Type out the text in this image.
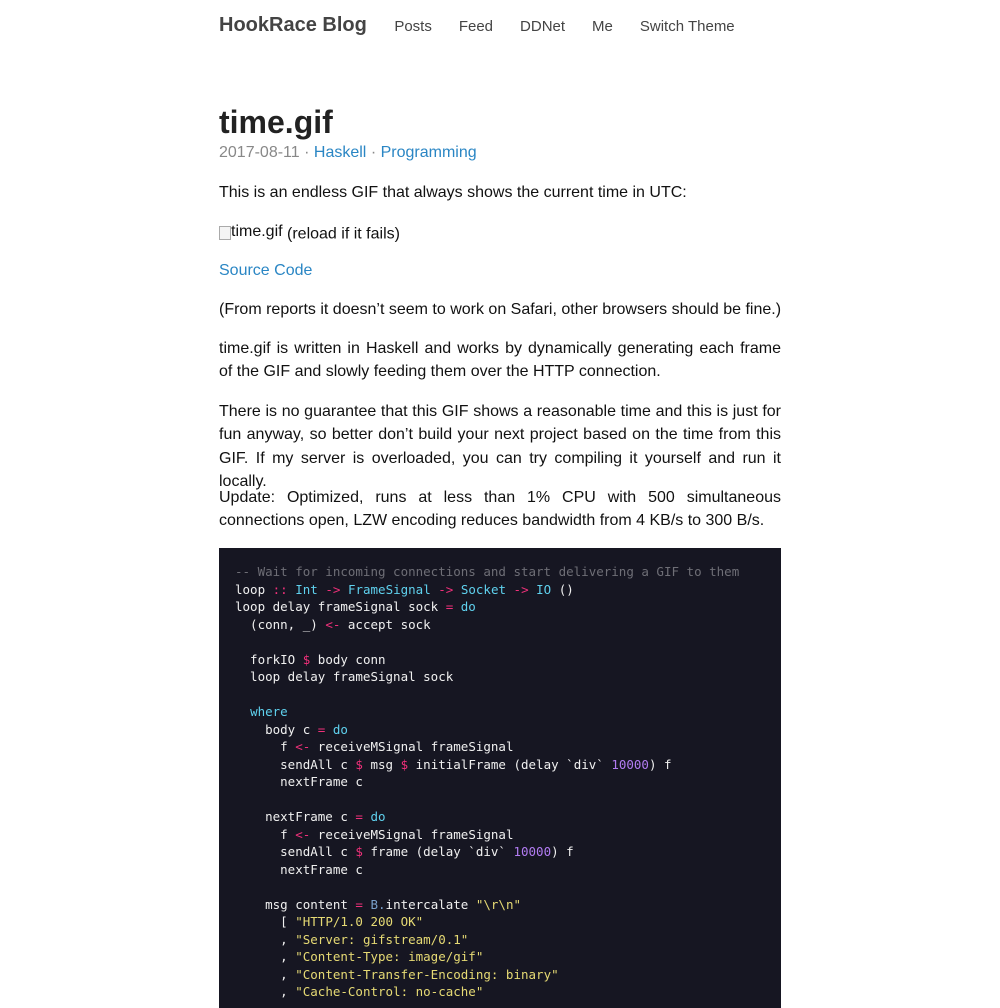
HookRace Blog Posts Feed DDNet Me Switch Theme
time.gif
2017-08-11 · Haskell · Programming

This is an endless GIF that always shows the current time in UTC:

time.gif (reload if it fails)
Source Code

(From reports it doesn’t seem to work on Safari, other browsers should be fine.)

time.gif is written in Haskell and works by dynamically generating each frame of the GIF and slowly feeding them over the HTTP connection.

There is no guarantee that this GIF shows a reasonable time and this is just for fun anyway, so better don’t build your next project based on the time from this GIF. If my server is overloaded, you can try compiling it yourself and run it locally.

Update: Optimized, runs at less than 1% CPU with 500 simultaneous connections open, LZW encoding reduces bandwidth from 4 KB/s to 300 B/s.

-- Wait for incoming connections and start delivering a GIF to them
loop :: Int -> FrameSignal -> Socket -> IO ()
loop delay frameSignal sock = do
(conn, _) <- accept sock

forkIO $ body conn
loop delay frameSignal sock

where
body c = do
f <- receiveMSignal frameSignal
sendAll c $ msg $ initialFrame (delay `div` 10000) f
nextFrame c

nextFrame c = do
f <- receiveMSignal frameSignal
sendAll c $ frame (delay `div` 10000) f
nextFrame c

msg content = B.intercalate "\r\n"
[ "HTTP/1.0 200 OK"
, "Server: gifstream/0.1"
, "Content-Type: image/gif"
, "Content-Transfer-Encoding: binary"
, "Cache-Control: no-cache"
